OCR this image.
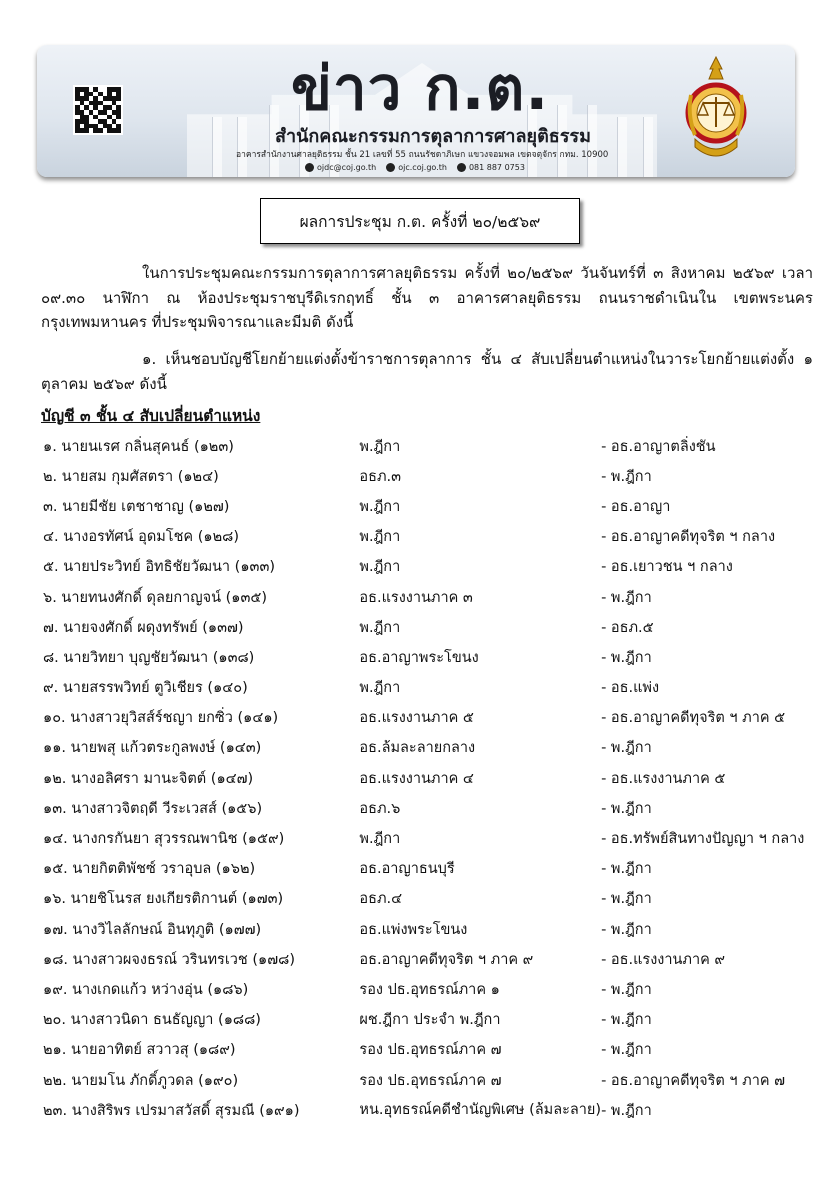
ข่าว ก.ต.
สำนักคณะกรรมการตุลาการศาลยุติธรรม
อาคารสำนักงานศาลยุติธรรม ชั้น 21 เลขที่ 55 ถนนรัชดาภิเษก แขวงจอมพล เขตจตุจักร กทม. 10900
ojdc@coj.go.th	ojc.coj.go.th	081 887 0753
ผลการประชุม ก.ต. ครั้งที่ ๒๐/๒๕๖๙
ในการประชุมคณะกรรมการตุลาการศาลยุติธรรม ครั้งที่ ๒๐/๒๕๖๙ วันจันทร์ที่ ๓ สิงหาคม ๒๕๖๙ เวลา ๐๙.๓๐ นาฬิกา ณ ห้องประชุมราชบุรีดิเรกฤทธิ์ ชั้น ๓ อาคารศาลยุติธรรม ถนนราชดำเนินใน เขตพระนคร กรุงเทพมหานคร ที่ประชุมพิจารณาและมีมติ ดังนี้
๑. เห็นชอบบัญชีโยกย้ายแต่งตั้งข้าราชการตุลาการ ชั้น ๔ สับเปลี่ยนตำแหน่งในวาระโยกย้ายแต่งตั้ง ๑ ตุลาคม ๒๕๖๙ ดังนี้
บัญชี ๓ ชั้น ๔ สับเปลี่ยนตำแหน่ง
๑. นายนเรศ กลิ่นสุคนธ์ (๑๒๓)	พ.ฎีกา	- อธ.อาญาตลิ่งชัน
๒. นายสม กุมศัสตรา (๑๒๔)	อธภ.๓	- พ.ฎีกา
๓. นายมีชัย เตชาชาญ (๑๒๗)	พ.ฎีกา	- อธ.อาญา
๔. นางอรทัศน์ อุดมโชค (๑๒๘)	พ.ฎีกา	- อธ.อาญาคดีทุจริต ฯ กลาง
๕. นายประวิทย์ อิทธิชัยวัฒนา (๑๓๓)	พ.ฎีกา	- อธ.เยาวชน ฯ กลาง
๖. นายทนงศักดิ์ ดุลยกาญจน์ (๑๓๕)	อธ.แรงงานภาค ๓	- พ.ฎีกา
๗. นายจงศักดิ์ ผดุงทรัพย์ (๑๓๗)	พ.ฎีกา	- อธภ.๕
๘. นายวิทยา บุญชัยวัฒนา (๑๓๘)	อธ.อาญาพระโขนง	- พ.ฎีกา
๙. นายสรรพวิทย์ ตูวิเชียร (๑๔๐)	พ.ฎีกา	- อธ.แพ่ง
๑๐. นางสาวยุวิสส์ร์ชญา ยกซิ่ว (๑๔๑)	อธ.แรงงานภาค ๕	- อธ.อาญาคดีทุจริต ฯ ภาค ๕
๑๑. นายพสุ แก้วตระกูลพงษ์ (๑๔๓)	อธ.ล้มละลายกลาง	- พ.ฎีกา
๑๒. นางอลิศรา มานะจิตต์ (๑๔๗)	อธ.แรงงานภาค ๔	- อธ.แรงงานภาค ๕
๑๓. นางสาวจิตฤดี วีระเวสส์ (๑๕๖)	อธภ.๖	- พ.ฎีกา
๑๔. นางกรกันยา สุวรรณพานิช (๑๕๙)	พ.ฎีกา	- อธ.ทรัพย์สินทางปัญญา ฯ กลาง
๑๕. นายกิตติพัชซ์ วราอุบล (๑๖๒)	อธ.อาญาธนบุรี	- พ.ฎีกา
๑๖. นายชิโนรส ยงเกียรติกานต์ (๑๗๓)	อธภ.๔	- พ.ฎีกา
๑๗. นางวิไลลักษณ์ อินทุภูติ (๑๗๗)	อธ.แพ่งพระโขนง	- พ.ฎีกา
๑๘. นางสาวผจงธรณ์ วรินทรเวช (๑๗๘)	อธ.อาญาคดีทุจริต ฯ ภาค ๙	- อธ.แรงงานภาค ๙
๑๙. นางเกดแก้ว หว่างอุ่น (๑๘๖)	รอง ปธ.อุทธรณ์ภาค ๑	- พ.ฎีกา
๒๐. นางสาวนิดา ธนธัญญา (๑๘๘)	ผช.ฎีกา ประจำ พ.ฎีกา	- พ.ฎีกา
๒๑. นายอาทิตย์ สวาวสุ (๑๘๙)	รอง ปธ.อุทธรณ์ภาค ๗	- พ.ฎีกา
๒๒. นายมโน ภักดิ์ภูวดล (๑๙๐)	รอง ปธ.อุทธรณ์ภาค ๗	- อธ.อาญาคดีทุจริต ฯ ภาค ๗
๒๓. นางสิริพร เปรมาสวัสดิ์ สุรมณี (๑๙๑)	หน.อุทธรณ์คดีชำนัญพิเศษ (ล้มละลาย)	- พ.ฎีกา
